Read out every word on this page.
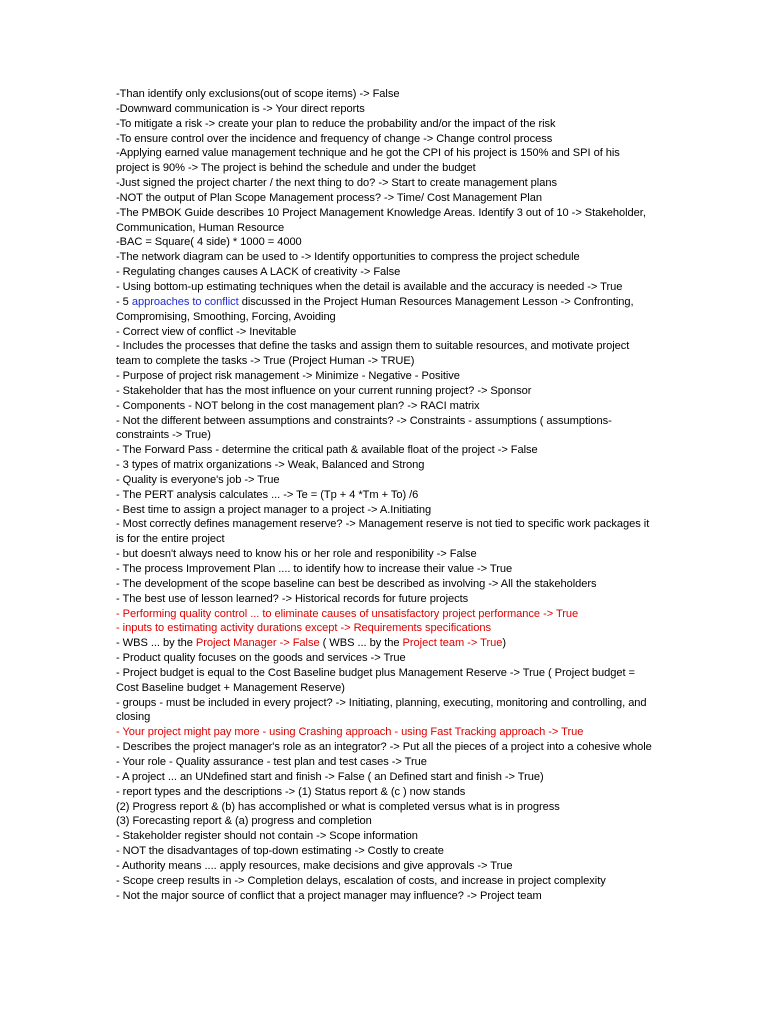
-Than identify only exclusions(out of scope items) -> False

-Downward communication is -> Your direct reports

-To mitigate a risk -> create your plan to reduce the probability and/or the impact of the risk

-To ensure control over the incidence and frequency of change -> Change control process

-Applying earned value management technique and he got the CPI of his project is 150% and SPI of his project is 90% -> The project is behind the schedule and under the budget

-Just signed the project charter / the next thing to do? -> Start to create management plans

-NOT the output of Plan Scope Management process? -> Time/ Cost Management Plan

-The PMBOK Guide describes 10 Project Management Knowledge Areas. Identify 3 out of 10 -> Stakeholder, Communication, Human Resource

-BAC = Square( 4 side) * 1000 = 4000

-The network diagram can be used to -> Identify opportunities to compress the project schedule

- Regulating changes causes A LACK of creativity -> False

- Using bottom-up estimating techniques when the detail is available and the accuracy is needed -> True

- 5 approaches to conflict discussed in the Project Human Resources Management Lesson -> Confronting, Compromising, Smoothing, Forcing, Avoiding

- Correct view of conflict -> Inevitable

- Includes the processes that define the tasks and assign them to suitable resources, and motivate project team to complete the tasks -> True (Project Human -> TRUE)

- Purpose of project risk management -> Minimize - Negative - Positive

- Stakeholder that has the most influence on your current running project? -> Sponsor

- Components - NOT belong in the cost management plan? -> RACI matrix

- Not the different between assumptions and constraints? -> Constraints - assumptions ( assumptions-constraints -> True)

- The Forward Pass - determine the critical path & available float of the project -> False

- 3 types of matrix organizations -> Weak, Balanced and Strong

- Quality is everyone's job -> True

- The PERT analysis calculates ... -> Te = (Tp + 4 *Tm + To) /6

- Best time to assign a project manager to a project -> A.Initiating

- Most correctly defines management reserve? -> Management reserve is not tied to specific work packages it is for the entire project

- but doesn't always need to know his or her role and responibility -> False

- The process Improvement Plan .... to identify how to increase their value -> True

- The development of the scope baseline can best be described as involving -> All the stakeholders

- The best use of lesson learned? -> Historical records for future projects

- Performing quality control ... to eliminate causes of unsatisfactory project performance -> True

- inputs to estimating activity durations except -> Requirements specifications

- WBS ... by the Project Manager -> False ( WBS ... by the Project team -> True)

- Product quality focuses on the goods and services -> True

- Project budget is equal to the Cost Baseline budget plus Management Reserve -> True ( Project budget = Cost Baseline budget + Management Reserve)

- groups - must be included in every project? -> Initiating, planning, executing, monitoring and controlling, and closing

- Your project might pay more - using Crashing approach - using Fast Tracking approach -> True

- Describes the project manager's role as an integrator? -> Put all the pieces of a project into a cohesive whole

- Your role - Quality assurance - test plan and test cases -> True

- A project ... an UNdefined start and finish -> False ( an Defined start and finish -> True)

- report types and the descriptions -> (1) Status report & (c ) now stands

(2) Progress report & (b) has accomplished or what is completed versus what is in progress

(3) Forecasting report & (a) progress and completion

- Stakeholder register should not contain -> Scope information

- NOT the disadvantages of top-down estimating -> Costly to create

- Authority means .... apply resources, make decisions and give approvals -> True

- Scope creep results in -> Completion delays, escalation of costs, and increase in project complexity

- Not the major source of conflict that a project manager may influence? -> Project team
